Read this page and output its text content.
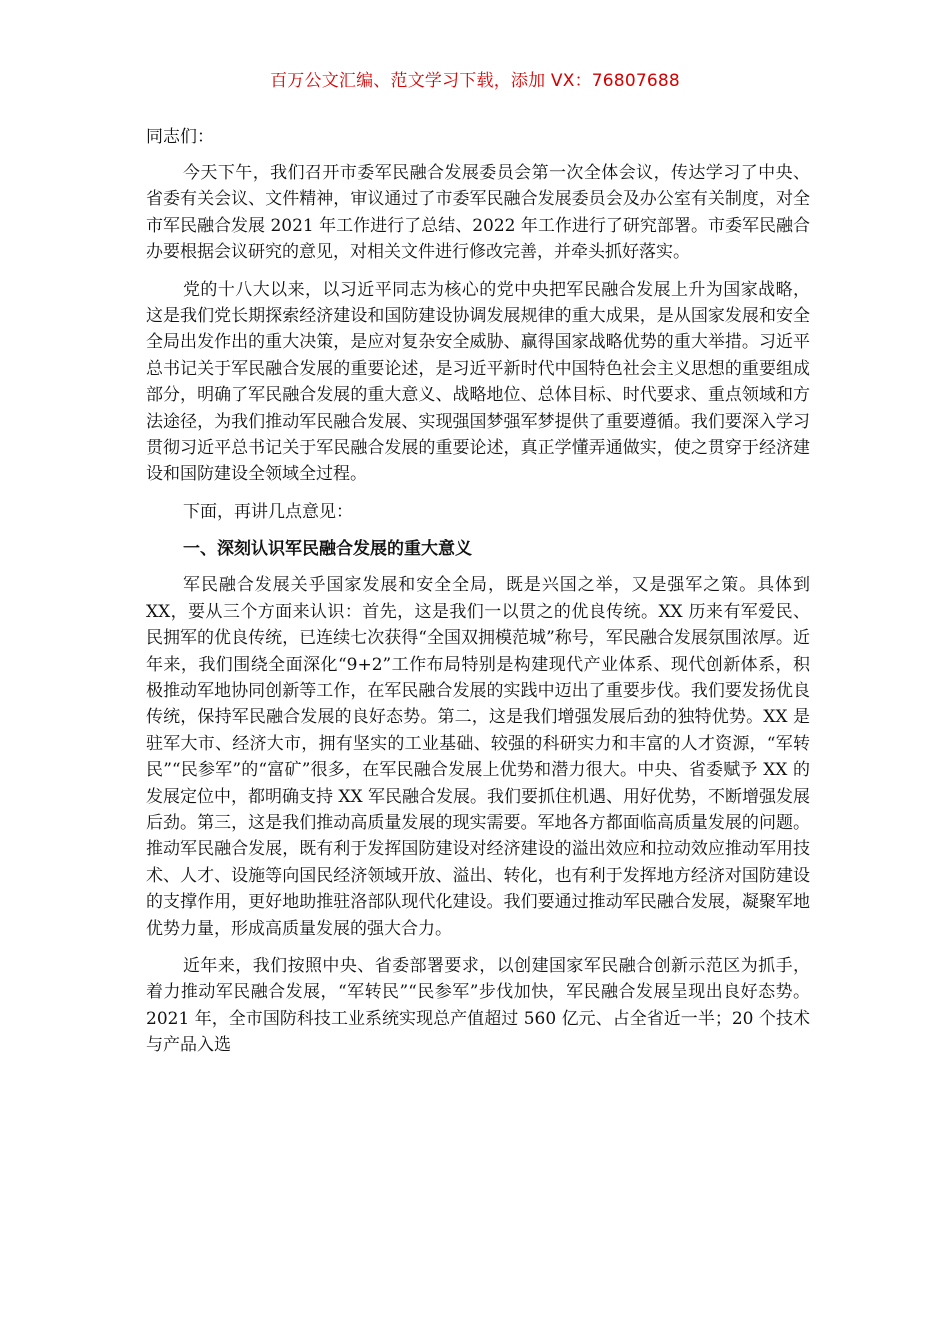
百万公文汇编、范文学习下载，添加 VX：76807688

同志们：

今天下午，我们召开市委军民融合发展委员会第一次全体会议，传达学习了中央、省委有关会议、文件精神，审议通过了市委军民融合发展委员会及办公室有关制度，对全市军民融合发展 2021 年工作进行了总结、2022 年工作进行了研究部署。市委军民融合办要根据会议研究的意见，对相关文件进行修改完善，并牵头抓好落实。

党的十八大以来，以习近平同志为核心的党中央把军民融合发展上升为国家战略，这是我们党长期探索经济建设和国防建设协调发展规律的重大成果，是从国家发展和安全全局出发作出的重大决策，是应对复杂安全威胁、赢得国家战略优势的重大举措。习近平总书记关于军民融合发展的重要论述，是习近平新时代中国特色社会主义思想的重要组成部分，明确了军民融合发展的重大意义、战略地位、总体目标、时代要求、重点领域和方法途径，为我们推动军民融合发展、实现强国梦强军梦提供了重要遵循。我们要深入学习贯彻习近平总书记关于军民融合发展的重要论述，真正学懂弄通做实，使之贯穿于经济建设和国防建设全领域全过程。

下面，再讲几点意见：

一、深刻认识军民融合发展的重大意义

军民融合发展关乎国家发展和安全全局，既是兴国之举，又是强军之策。具体到 XX，要从三个方面来认识：首先，这是我们一以贯之的优良传统。XX 历来有军爱民、民拥军的优良传统，已连续七次获得“全国双拥模范城”称号，军民融合发展氛围浓厚。近年来，我们围绕全面深化“9+2”工作布局特别是构建现代产业体系、现代创新体系，积极推动军地协同创新等工作，在军民融合发展的实践中迈出了重要步伐。我们要发扬优良传统，保持军民融合发展的良好态势。第二，这是我们增强发展后劲的独特优势。XX 是驻军大市、经济大市，拥有坚实的工业基础、较强的科研实力和丰富的人才资源，“军转民”“民参军”的“富矿”很多，在军民融合发展上优势和潜力很大。中央、省委赋予 XX 的发展定位中，都明确支持 XX 军民融合发展。我们要抓住机遇、用好优势，不断增强发展后劲。第三，这是我们推动高质量发展的现实需要。军地各方都面临高质量发展的问题。推动军民融合发展，既有利于发挥国防建设对经济建设的溢出效应和拉动效应推动军用技术、人才、设施等向国民经济领域开放、溢出、转化，也有利于发挥地方经济对国防建设的支撑作用，更好地助推驻洛部队现代化建设。我们要通过推动军民融合发展，凝聚军地优势力量，形成高质量发展的强大合力。

近年来，我们按照中央、省委部署要求，以创建国家军民融合创新示范区为抓手，着力推动军民融合发展，“军转民”“民参军”步伐加快，军民融合发展呈现出良好态势。2021 年，全市国防科技工业系统实现总产值超过 560 亿元、占全省近一半；20 个技术与产品入选
